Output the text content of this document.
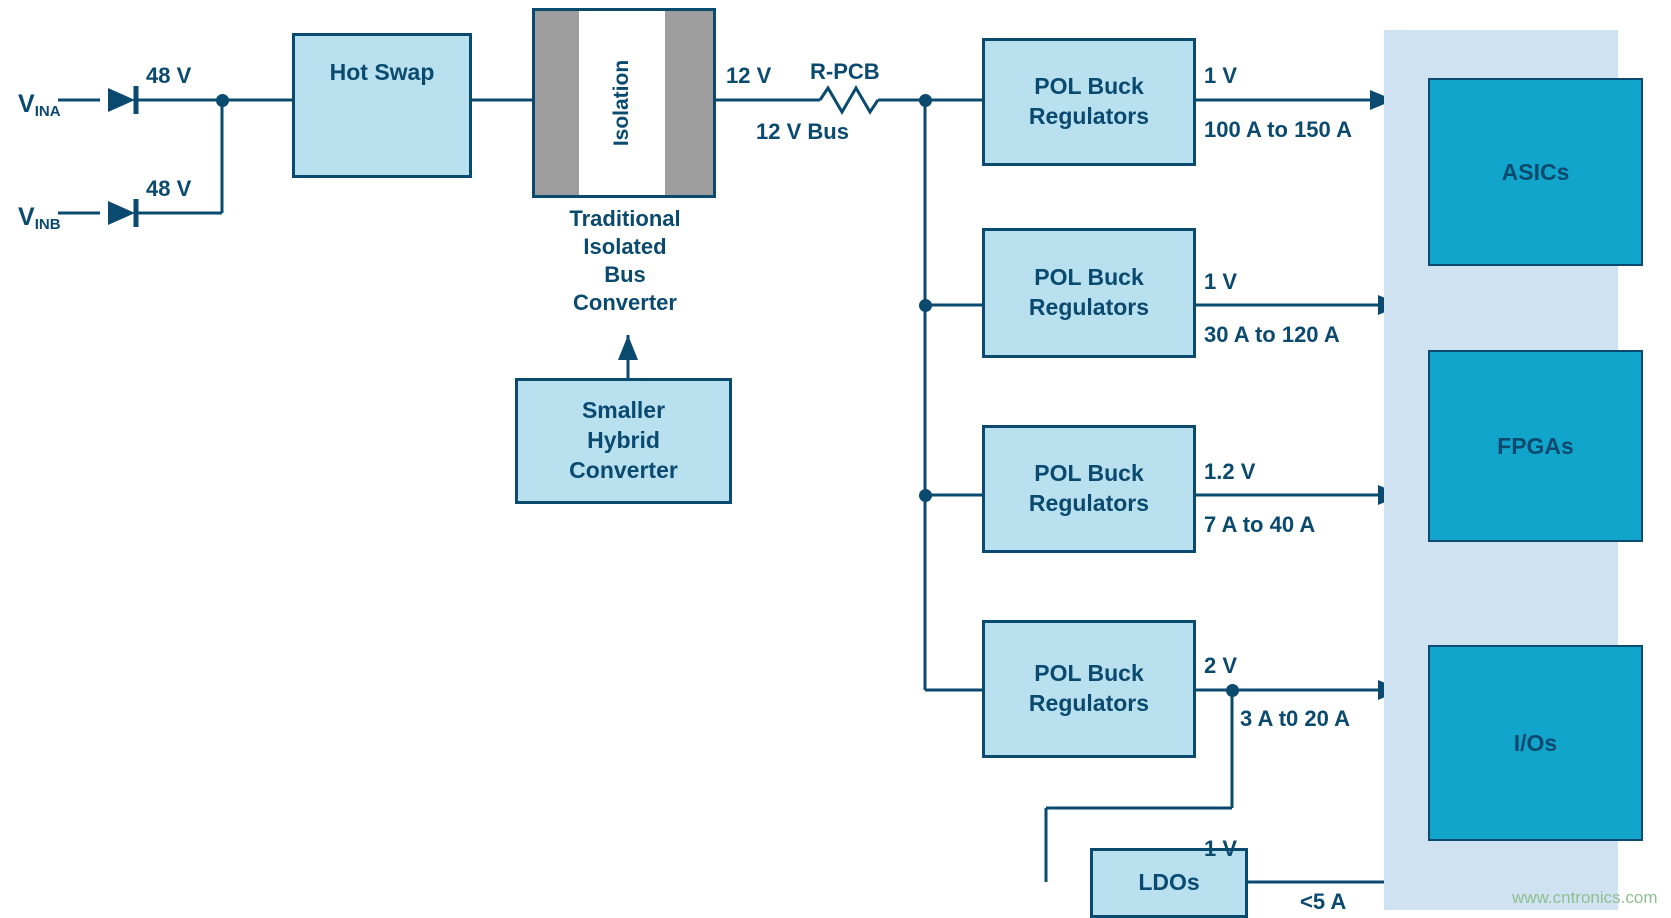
ASICs
FPGAs
I/Os
VINA
VINB
48 V
48 V
Hot Swap	Isolation
Traditional
Isolated Bus
Converter
Smaller
Hybrid
Converter
12 V R-PCB
12 V Bus
POL Buck
Regulators
1 V
100 A to 150 A
POL Buck
Regulators
1 V
30 A to 120 A
POL Buck
Regulators
1.2 V
7 A to 40 A
POL Buck
Regulators
2 V
3 A t0 20 A
LDOs
1 V
<5 A	www.cntronics.com
